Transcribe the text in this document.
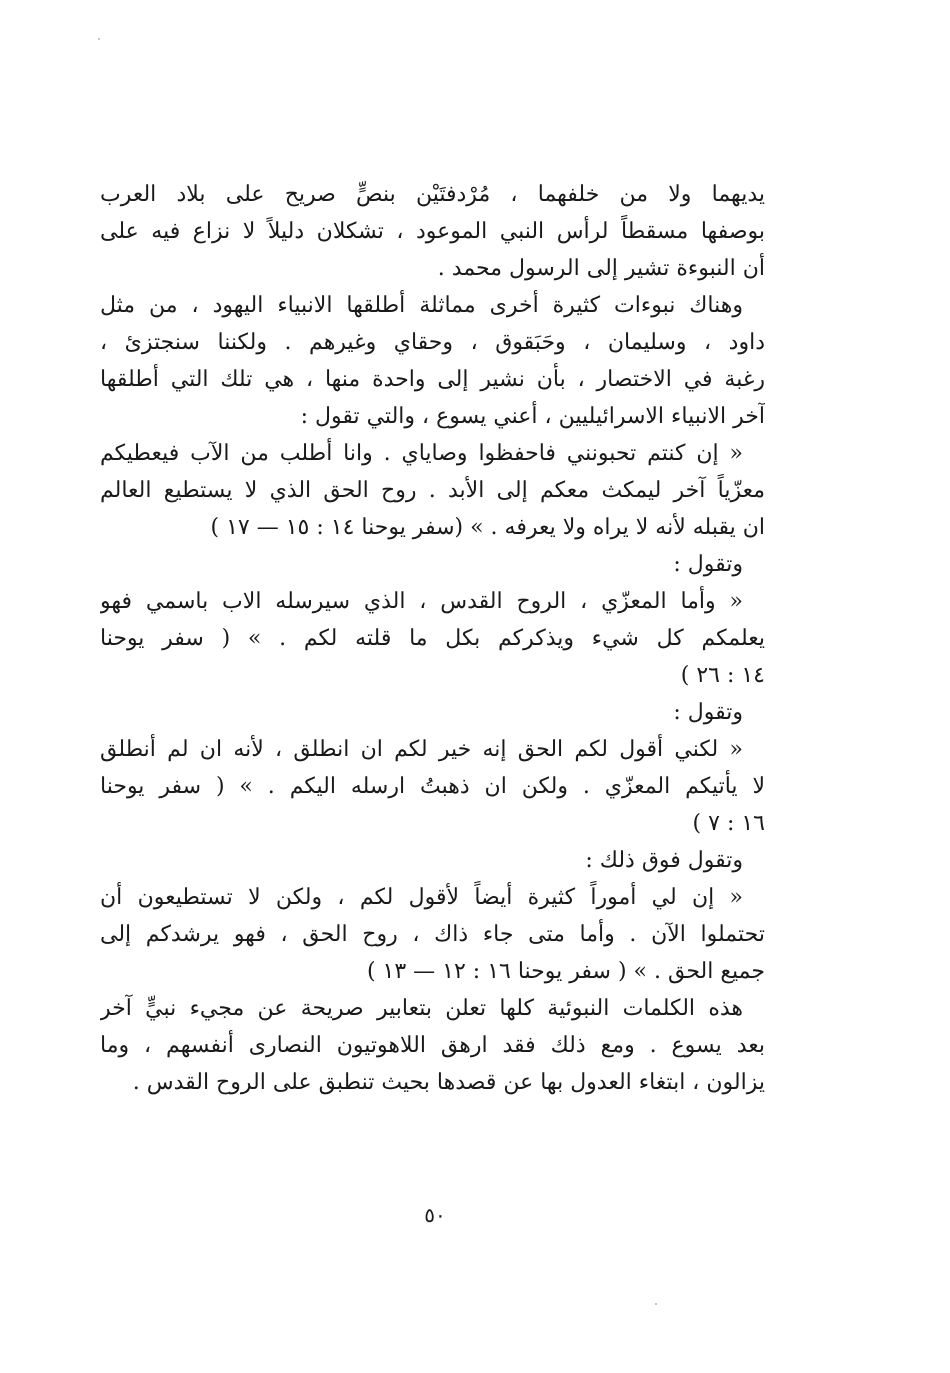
يديهما ولا من خلفهما ، مُرْدفتَيْن بنصٍّ صريح على بلاد العرب
بوصفها مسقطاً لرأس النبي الموعود ، تشكلان دليلاً لا نزاع فيه على
أن النبوءة تشير إلى الرسول محمد .
وهناك نبوءات كثيرة أخرى مماثلة أطلقها الانبياء اليهود ، من مثل
داود ، وسليمان ، وحَبَقوق ، وحقاي وغيرهم . ولكننا سنجتزئ ،
رغبة في الاختصار ، بأن نشير إلى واحدة منها ، هي تلك التي أطلقها
آخر الانبياء الاسرائيليين ، أعني يسوع ، والتي تقول :
« إن كنتم تحبونني فاحفظوا وصاياي . وانا أطلب من الآب فيعطيكم
معزّياً آخر ليمكث معكم إلى الأبد . روح الحق الذي لا يستطيع العالم
ان يقبله لأنه لا يراه ولا يعرفه . » (سفر يوحنا ١٤ : ١٥ — ١٧ )
وتقول :
« وأما المعزّي ، الروح القدس ، الذي سيرسله الاب باسمي فهو
يعلمكم كل شيء ويذكركم بكل ما قلته لكم . » ( سفر يوحنا
١٤ : ٢٦ )
وتقول :
« لكني أقول لكم الحق إنه خير لكم ان انطلق ، لأنه ان لم أنطلق
لا يأتيكم المعزّي . ولكن ان ذهبتُ ارسله اليكم . » ( سفر يوحنا
١٦ : ٧ )
وتقول فوق ذلك :
« إن لي أموراً كثيرة أيضاً لأقول لكم ، ولكن لا تستطيعون أن
تحتملوا الآن . وأما متى جاء ذاك ، روح الحق ، فهو يرشدكم إلى
جميع الحق . » ( سفر يوحنا ١٦ : ١٢ — ١٣ )
هذه الكلمات النبوئية كلها تعلن بتعابير صريحة عن مجيء نبيٍّ آخر
بعد يسوع . ومع ذلك فقد ارهق اللاهوتيون النصارى أنفسهم ، وما
يزالون ، ابتغاء العدول بها عن قصدها بحيث تنطبق على الروح القدس .
٥٠
